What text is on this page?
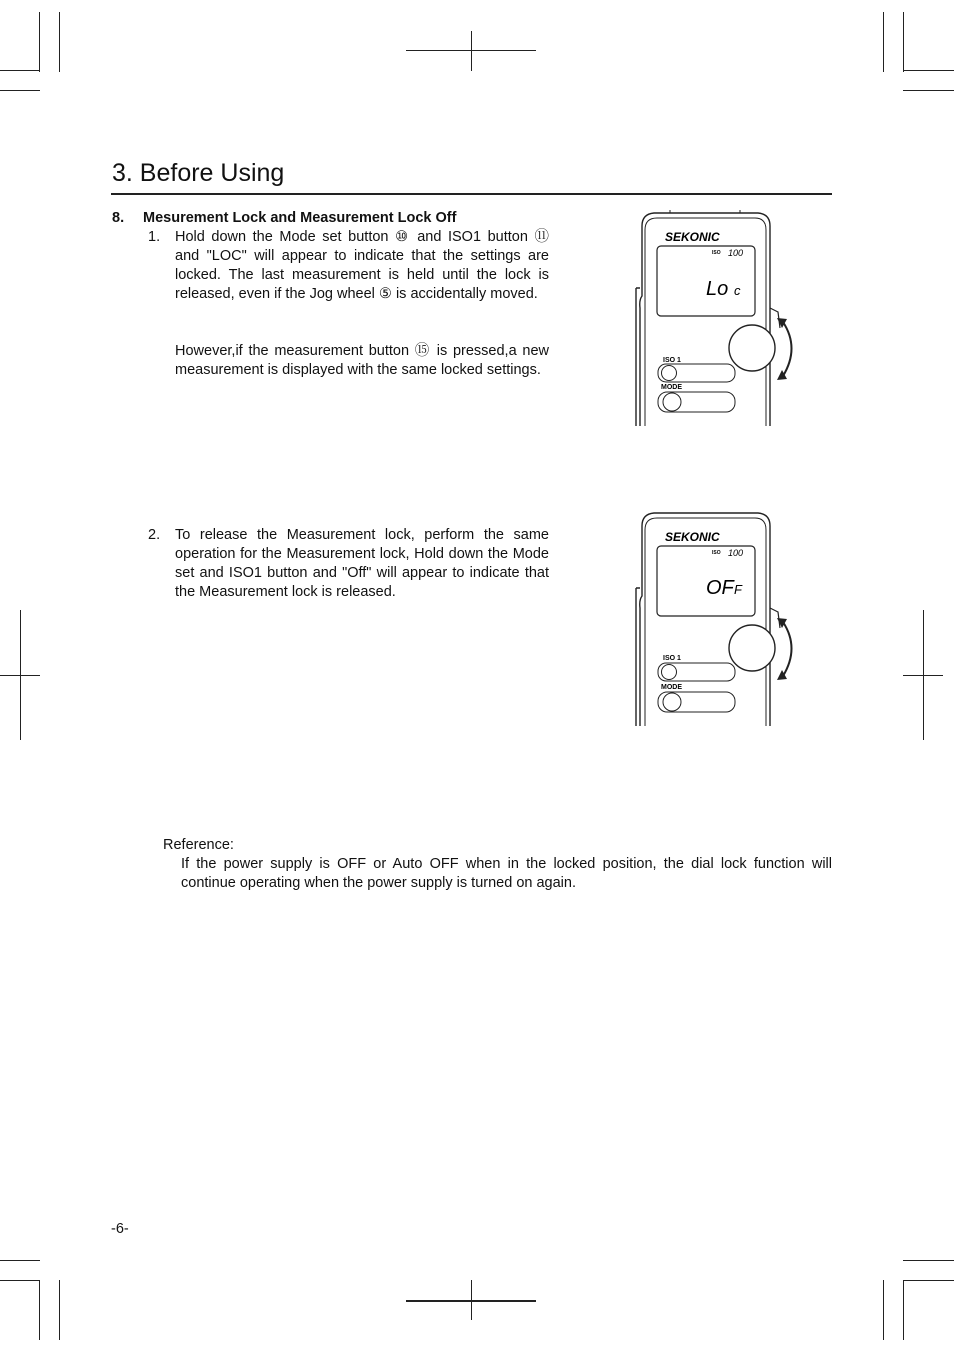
3. Before Using
8. Mesurement Lock and Measurement Lock Off
1. Hold down the Mode set button ⑩ and ISO1 button ⑪ and "LOC" will appear to indicate that the settings are locked. The last measurement is held until the lock is released, even if the Jog wheel ⑤ is accidentally moved.
However,if the measurement button ⑮ is pressed,a new measurement is displayed with the same locked settings.
2. To release the Measurement lock, perform the same operation for the Measurement lock, Hold down the Mode set and ISO1 button and "Off" will appear to indicate that the Measurement lock is released.
SEKONIC
ISO 100
Lo c
ISO 1
MODE
SEKONIC
ISO 100
OF F
ISO 1
MODE
Reference:
If the power supply is OFF or Auto OFF when in the locked position, the dial lock function will continue operating when the power supply is turned on again.
-6-
